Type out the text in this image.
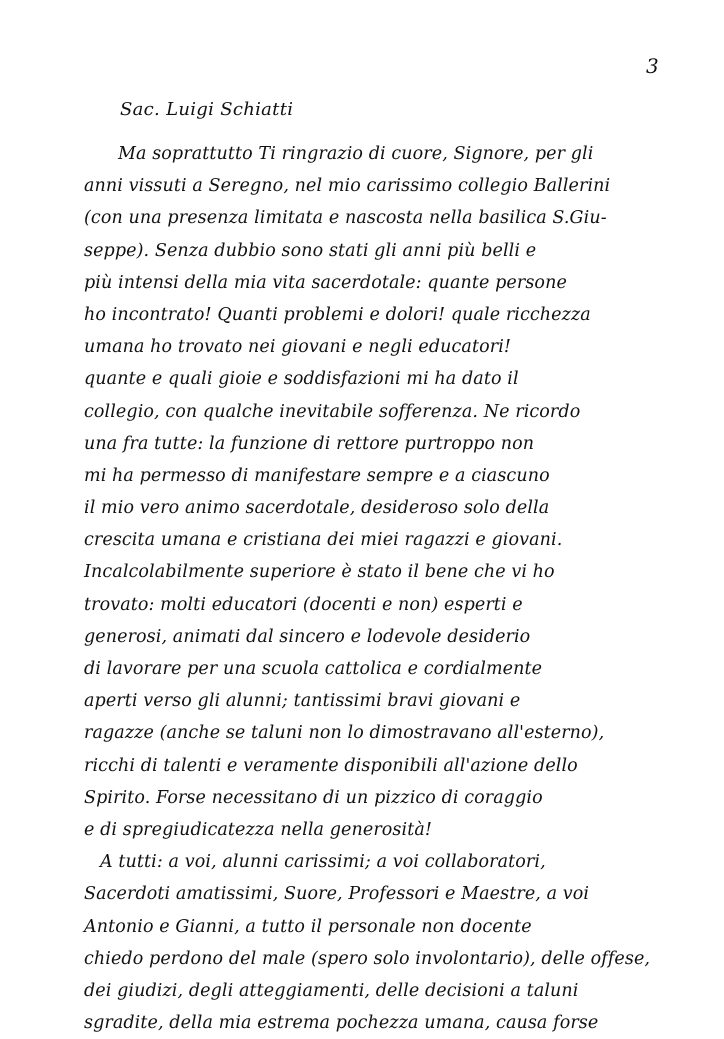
3
Sac. Luigi Schiatti
Ma soprattutto Ti ringrazio di cuore, Signore, per gli
anni vissuti a Seregno, nel mio carissimo collegio Ballerini
(con una presenza limitata e nascosta nella basilica S.Giu-
seppe). Senza dubbio sono stati gli anni più belli e
più intensi della mia vita sacerdotale: quante persone
ho incontrato! Quanti problemi e dolori! quale ricchezza
umana ho trovato nei giovani e negli educatori!
quante e quali gioie e soddisfazioni mi ha dato il
collegio, con qualche inevitabile sofferenza. Ne ricordo
una fra tutte: la funzione di rettore purtroppo non
mi ha permesso di manifestare sempre e a ciascuno
il mio vero animo sacerdotale, desideroso solo della
crescita umana e cristiana dei miei ragazzi e giovani.
Incalcolabilmente superiore è stato il bene che vi ho
trovato: molti educatori (docenti e non) esperti e
generosi, animati dal sincero e lodevole desiderio
di lavorare per una scuola cattolica e cordialmente
aperti verso gli alunni; tantissimi bravi giovani e
ragazze (anche se taluni non lo dimostravano all'esterno),
ricchi di talenti e veramente disponibili all'azione dello
Spirito. Forse necessitano di un pizzico di coraggio
e di spregiudicatezza nella generosità!
A tutti: a voi, alunni carissimi; a voi collaboratori,
Sacerdoti amatissimi, Suore, Professori e Maestre, a voi
Antonio e Gianni, a tutto il personale non docente
chiedo perdono del male (spero solo involontario), delle offese,
dei giudizi, degli atteggiamenti, delle decisioni a taluni
sgradite, della mia estrema pochezza umana, causa forse
